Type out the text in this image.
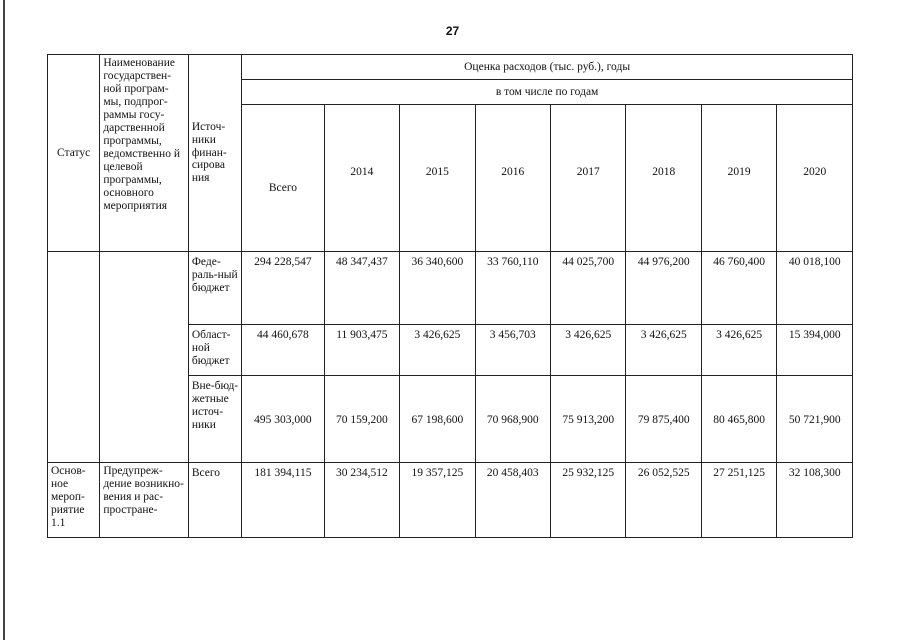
27
Статус	Наименование государствен-ной програм-мы, подпрог-раммы госу-дарственной программы, ведомственно й целевой программы, основного мероприятия	Источ-ники финан-сирова ния	Оценка расходов (тыс. руб.), годы							
			в том числе по годам							
			Всего	2014	2015	2016	2017	2018	2019	2020
		Феде-раль-ный бюджет	294 228,547	48 347,437	36 340,600	33 760,110	44 025,700	44 976,200	46 760,400	40 018,100
		Област-ной бюджет	44 460,678	11 903,475	3 426,625	3 456,703	3 426,625	3 426,625	3 426,625	15 394,000
		Вне-бюд-жетные источ-ники	495 303,000	70 159,200	67 198,600	70 968,900	75 913,200	79 875,400	80 465,800	50 721,900
Основ-ное мероп-риятие 1.1	Предупреж-дение возникно-вения и рас-простране-	Всего	181 394,115	30 234,512	19 357,125	20 458,403	25 932,125	26 052,525	27 251,125	32 108,300
